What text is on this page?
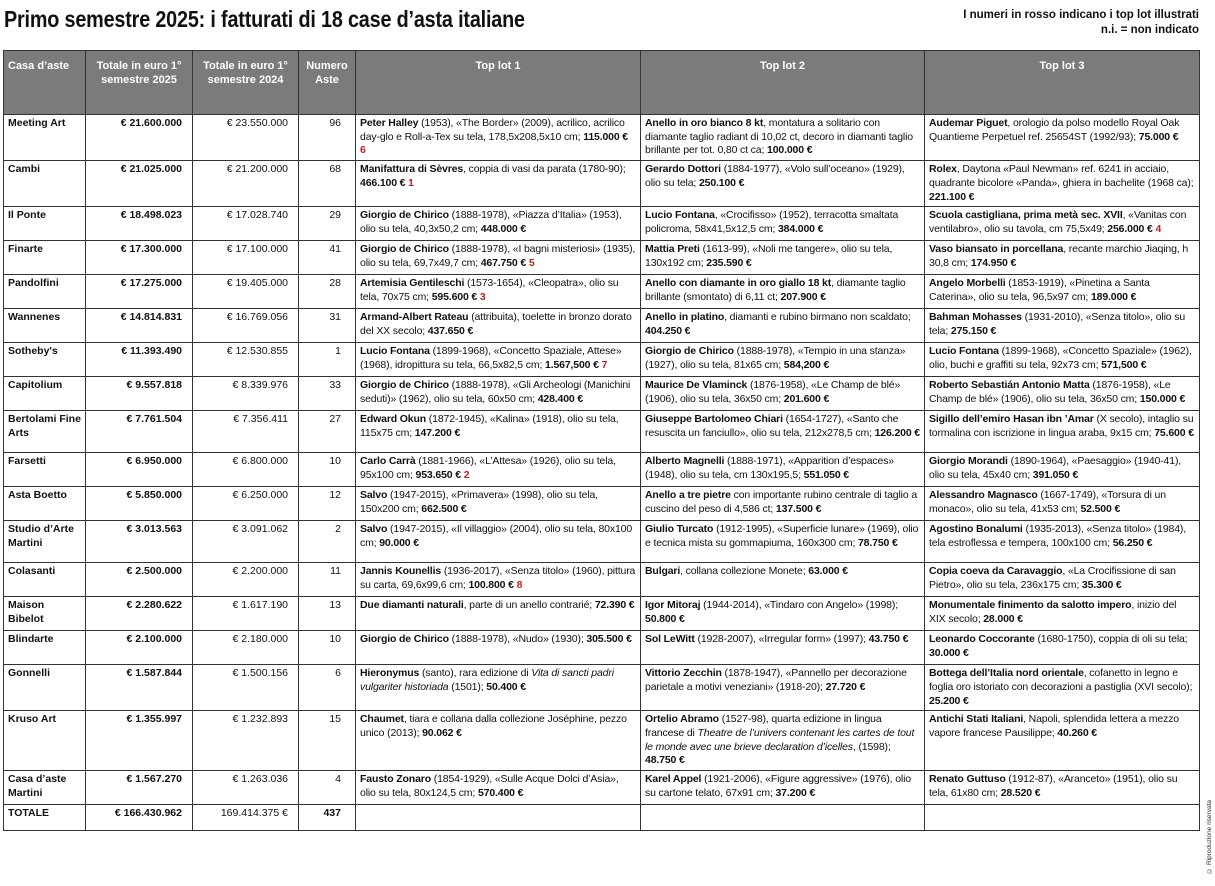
Primo semestre 2025: i fatturati di 18 case d’asta italiane	I numeri in rosso indicano i top lot illustrati
n.i. = non indicato
Casa d’aste	Totale in euro 1° semestre 2025	Totale in euro 1° semestre 2024	Numero Aste	Top lot 1	Top lot 2	Top lot 3
Meeting Art	€ 21.600.000	€ 23.550.000	96	Peter Halley (1953), «The Border» (2009), acrilico, acrilico day-glo e Roll-a-Tex su tela, 178,5x208,5x10 cm; 115.000 € 6	Anello in oro bianco 8 kt, montatura a solitario con diamante taglio radiant di 10,02 ct, decoro in diamanti taglio brillante per tot. 0,80 ct ca; 100.000 €	Audemar Piguet, orologio da polso modello Royal Oak Quantieme Perpetuel ref. 25654ST (1992/93); 75.000 €
Cambi	€ 21.025.000	€ 21.200.000	68	Manifattura di Sèvres, coppia di vasi da parata (1780-90); 466.100 € 1	Gerardo Dottori (1884-1977), «Volo sull’oceano» (1929), olio su tela; 250.100 €	Rolex, Daytona «Paul Newman» ref. 6241 in acciaio, quadrante bicolore «Panda», ghiera in bachelite (1968 ca); 221.100 €
Il Ponte	€ 18.498.023	€ 17.028.740	29	Giorgio de Chirico (1888-1978), «Piazza d’Italia» (1953), olio su tela, 40,3x50,2 cm; 448.000 €	Lucio Fontana, «Crocifisso» (1952), terracotta smaltata policroma, 58x41,5x12,5 cm; 384.000 €	Scuola castigliana, prima metà sec. XVII, «Vanitas con ventilabro», olio su tavola, cm 75,5x49; 256.000 € 4
Finarte	€ 17.300.000	€ 17.100.000	41	Giorgio de Chirico (1888-1978), «I bagni misteriosi» (1935), olio su tela, 69,7x49,7 cm; 467.750 € 5	Mattia Preti (1613-99), «Noli me tangere», olio su tela, 130x192 cm; 235.590 €	Vaso biansato in porcellana, recante marchio Jiaqing, h 30,8 cm; 174.950 €
Pandolfini	€ 17.275.000	€ 19.405.000	28	Artemisia Gentileschi (1573-1654), «Cleopatra», olio su tela, 70x75 cm; 595.600 € 3	Anello con diamante in oro giallo 18 kt, diamante taglio brillante (smontato) di 6,11 ct; 207.900 €	Angelo Morbelli (1853-1919), «Pinetina a Santa Caterina», olio su tela, 96,5x97 cm; 189.000 €
Wannenes	€ 14.814.831	€ 16.769.056	31	Armand-Albert Rateau (attribuita), toelette in bronzo dorato del XX secolo; 437.650 €	Anello in platino, diamanti e rubino birmano non scaldato; 404.250 €	Bahman Mohasses (1931-2010), «Senza titolo», olio su tela; 275.150 €
Sotheby's	€ 11.393.490	€ 12.530.855	1	Lucio Fontana (1899-1968), «Concetto Spaziale, Attese» (1968), idropittura su tela, 66,5x82,5 cm; 1.567,500 € 7	Giorgio de Chirico (1888-1978), «Tempio in una stanza» (1927), olio su tela, 81x65 cm; 584,200 €	Lucio Fontana (1899-1968), «Concetto Spaziale» (1962), olio, buchi e graffiti su tela, 92x73 cm; 571,500 €
Capitolium	€ 9.557.818	€ 8.339.976	33	Giorgio de Chirico (1888-1978), «Gli Archeologi (Manichini seduti)» (1962), olio su tela, 60x50 cm; 428.400 €	Maurice De Vlaminck (1876-1958), «Le Champ de blé» (1906), olio su tela, 36x50 cm; 201.600 €	Roberto Sebastián Antonio Matta (1876-1958), «Le Champ de blé» (1906), olio su tela, 36x50 cm; 150.000 €
Bertolami Fine Arts	€ 7.761.504	€ 7.356.411	27	Edward Okun (1872-1945), «Kalina» (1918), olio su tela, 115x75 cm; 147.200 €	Giuseppe Bartolomeo Chiari (1654-1727), «Santo che resuscita un fanciullo», olio su tela, 212x278,5 cm; 126.200 €	Sigillo dell’emiro Hasan ibn ’Amar (X secolo), intaglio su tormalina con iscrizione in lingua araba, 9x15 cm; 75.600 €
Farsetti	€ 6.950.000	€ 6.800.000	10	Carlo Carrà (1881-1966), «L’Attesa» (1926), olio su tela, 95x100 cm; 953.650 € 2	Alberto Magnelli (1888-1971), «Apparition d’espaces» (1948), olio su tela, cm 130x195,5; 551.050 €	Giorgio Morandi (1890-1964), «Paesaggio» (1940-41), olio su tela, 45x40 cm; 391.050 €
Asta Boetto	€ 5.850.000	€ 6.250.000	12	Salvo (1947-2015), «Primavera» (1998), olio su tela, 150x200 cm; 662.500 €	Anello a tre pietre con importante rubino centrale di taglio a cuscino del peso di 4,586 ct; 137.500 €	Alessandro Magnasco (1667-1749), «Torsura di un monaco», olio su tela, 41x53 cm; 52.500 €
Studio d’Arte Martini	€ 3.013.563	€ 3.091.062	2	Salvo (1947-2015), «Il villaggio» (2004), olio su tela, 80x100 cm; 90.000 €	Giulio Turcato (1912-1995), «Superficie lunare» (1969), olio e tecnica mista su gommapiuma, 160x300 cm; 78.750 €	Agostino Bonalumi (1935-2013), «Senza titolo» (1984), tela estroflessa e tempera, 100x100 cm; 56.250 €
Colasanti	€ 2.500.000	€ 2.200.000	11	Jannis Kounellis (1936-2017), «Senza titolo» (1960), pittura su carta, 69,6x99,6 cm; 100.800 € 8	Bulgari, collana collezione Monete; 63.000 €	Copia coeva da Caravaggio, «La Crocifissione di san Pietro», olio su tela, 236x175 cm; 35.300 €
Maison Bibelot	€ 2.280.622	€ 1.617.190	13	Due diamanti naturali, parte di un anello contrarié; 72.390 €	Igor Mitoraj (1944-2014), «Tindaro con Angelo» (1998); 50.800 €	Monumentale finimento da salotto impero, inizio del XIX secolo; 28.000 €
Blindarte	€ 2.100.000	€ 2.180.000	10	Giorgio de Chirico (1888-1978), «Nudo» (1930); 305.500 €	Sol LeWitt (1928-2007), «Irregular form» (1997); 43.750 €	Leonardo Coccorante (1680-1750), coppia di oli su tela; 30.000 €
Gonnelli	€ 1.587.844	€ 1.500.156	6	Hieronymus (santo), rara edizione di Vita di sancti padri vulgariter historiada (1501); 50.400 €	Vittorio Zecchin (1878-1947), «Pannello per decorazione parietale a motivi veneziani» (1918-20); 27.720 €	Bottega dell’Italia nord orientale, cofanetto in legno e foglia oro istoriato con decorazioni a pastiglia (XVI secolo); 25.200 €
Kruso Art	€ 1.355.997	€ 1.232.893	15	Chaumet, tiara e collana dalla collezione Joséphine, pezzo unico (2013); 90.062 €	Ortelio Abramo (1527-98), quarta edizione in lingua francese di Theatre de l’univers contenant les cartes de tout le monde avec une brieve declaration d’icelles, (1598); 48.750 €	Antichi Stati Italiani, Napoli, splendida lettera a mezzo vapore francese Pausilippe; 40.260 €
Casa d’aste Martini	€ 1.567.270	€ 1.263.036	4	Fausto Zonaro (1854-1929), «Sulle Acque Dolci d’Asia», olio su tela, 80x124,5 cm; 570.400 €	Karel Appel (1921-2006), «Figure aggressive» (1976), olio su cartone telato, 67x91 cm; 37.200 €	Renato Guttuso (1912-87), «Aranceto» (1951), olio su tela, 61x80 cm; 28.520 €
TOTALE	€ 166.430.962	169.414.375 €	437				© Riproduzione riservata
